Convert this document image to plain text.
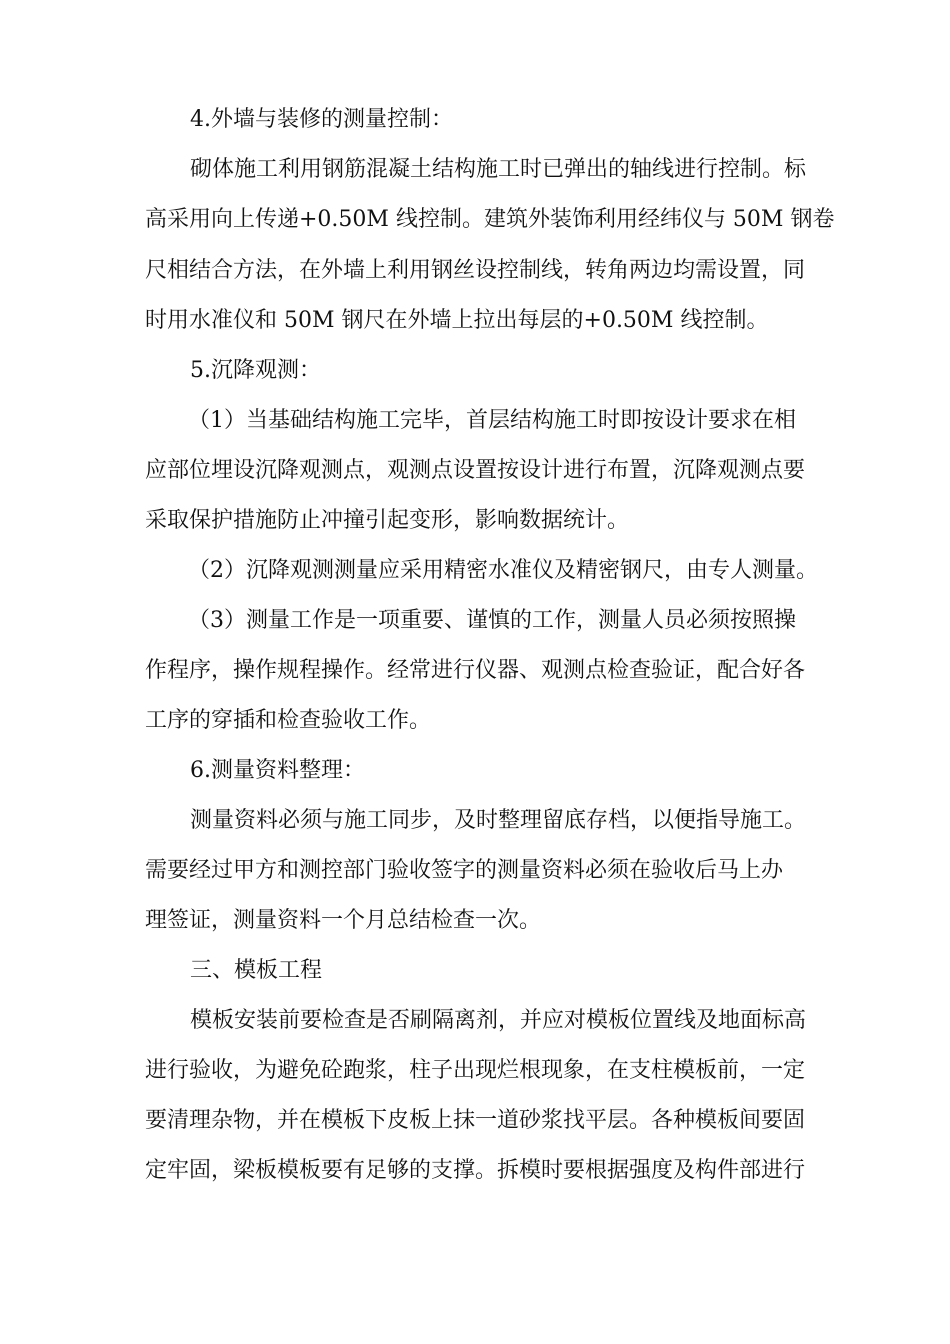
4.外墙与装修的测量控制：

砌体施工利用钢筋混凝土结构施工时已弹出的轴线进行控制。标

高采用向上传递+0.50M 线控制。建筑外装饰利用经纬仪与 50M 钢卷

尺相结合方法，在外墙上利用钢丝设控制线，转角两边均需设置，同

时用水准仪和 50M 钢尺在外墙上拉出每层的+0.50M 线控制。

5.沉降观测：

（1）当基础结构施工完毕，首层结构施工时即按设计要求在相

应部位埋设沉降观测点，观测点设置按设计进行布置，沉降观测点要

采取保护措施防止冲撞引起变形，影响数据统计。

（2）沉降观测测量应采用精密水准仪及精密钢尺，由专人测量。

（3）测量工作是一项重要、谨慎的工作，测量人员必须按照操

作程序，操作规程操作。经常进行仪器、观测点检查验证，配合好各

工序的穿插和检查验收工作。

6.测量资料整理：

测量资料必须与施工同步，及时整理留底存档，以便指导施工。

需要经过甲方和测控部门验收签字的测量资料必须在验收后马上办

理签证，测量资料一个月总结检查一次。

三、模板工程

模板安装前要检查是否刷隔离剂，并应对模板位置线及地面标高

进行验收，为避免砼跑浆，柱子出现烂根现象，在支柱模板前，一定

要清理杂物，并在模板下皮板上抹一道砂浆找平层。各种模板间要固

定牢固，梁板模板要有足够的支撑。拆模时要根据强度及构件部进行
